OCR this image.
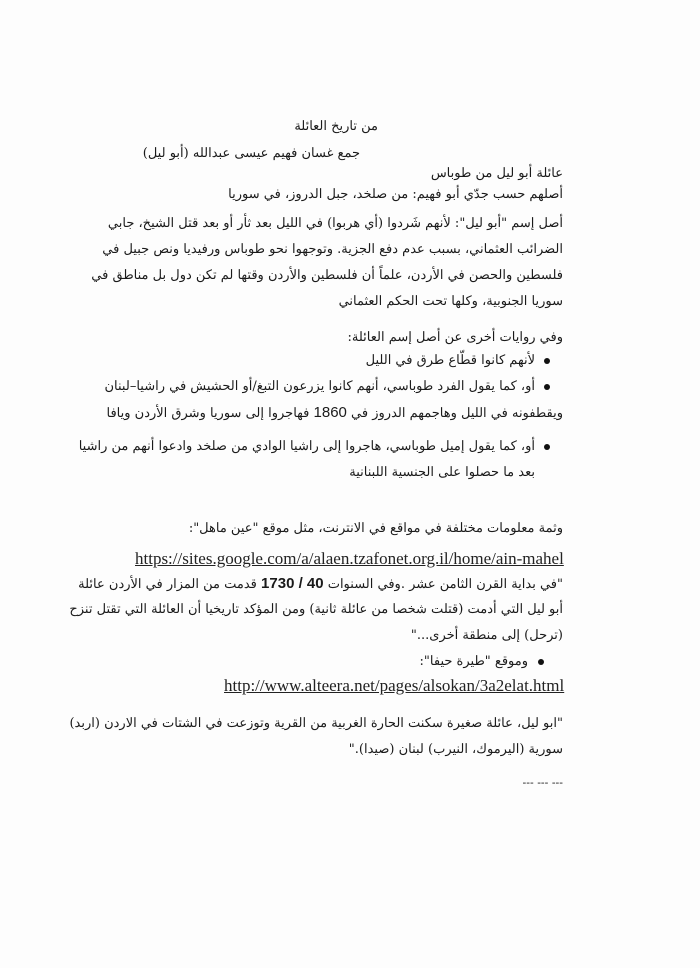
من تاريخ العائلة
جمع غسان فهيم عيسى عبدالله (أبو ليل)
عائلة أبو ليل من طوباس
أصلهم حسب جدّي أبو فهيم: من صلخد، جبل الدروز، في سوريا
أصل إسم "أبو ليل": لأنهم شَردوا (أي هربوا) في الليل بعد ثأر أو بعد قتل الشيخ، جابي
الضرائب العثماني، بسبب عدم دفع الجزية. وتوجهوا نحو طوباس ورفيديا ونص جبيل في
فلسطين والحصن في الأردن، علماً أن فلسطين والأردن وقتها لم تكن دول بل مناطق في
سوريا الجنوبية، وكلها تحت الحكم العثماني
وفي روايات أخرى عن أصل إسم العائلة:
لأنهم كانوا قطّاع طرق في الليل
أو، كما يقول الفرد طوباسي، أنهم كانوا يزرعون التبغ/أو الحشيش في راشيا–لبنان
ويقطفونه في الليل وهاجمهم الدروز في 1860 فهاجروا إلى سوريا وشرق الأردن ويافا
أو، كما يقول إميل طوباسي، هاجروا إلى راشيا الوادي من صلخد وادعوا أنهم من راشيا
بعد ما حصلوا على الجنسية اللبنانية
وثمة معلومات مختلفة في مواقع في الانترنت، مثل موقع "عين ماهل":
https://sites.google.com/a/alaen.tzafonet.org.il/home/ain-mahel
"في بداية القرن الثامن عشر .وفي السنوات 40 / 1730 قدمت من المزار في الأردن عائلة
أبو ليل التي أدمت (قتلت شخصا من عائلة ثانية) ومن المؤكد تاريخيا أن العائلة التي تقتل تنزح
(ترحل) إلى منطقة أخرى..."
وموقع "طيرة حيفا":
http://www.alteera.net/pages/alsokan/3a2elat.html
"ابو ليل، عائلة صغيرة سكنت الحارة الغربية من القرية وتوزعت في الشتات في الاردن (اربد)
سورية (اليرموك، النيرب) لبنان (صيدا)."
--- --- ---
